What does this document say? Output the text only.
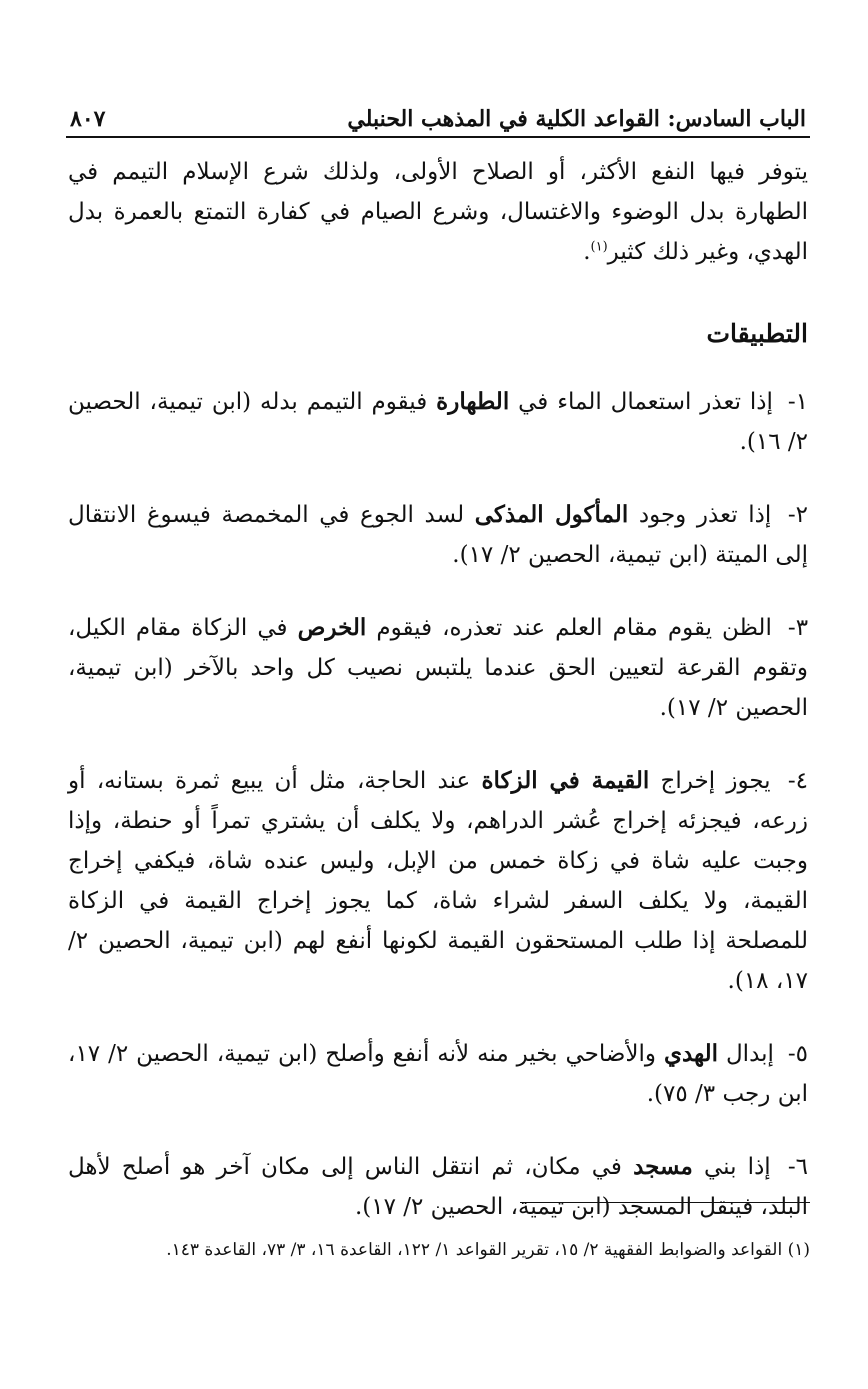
الباب السادس: القواعد الكلية في المذهب الحنبلي
٨٠٧

يتوفر فيها النفع الأكثر، أو الصلاح الأولى، ولذلك شرع الإسلام التيمم في الطهارة بدل الوضوء والاغتسال، وشرع الصيام في كفارة التمتع بالعمرة بدل الهدي، وغير ذلك كثير$^{(١)}$.

التطبيقات

١- إذا تعذر استعمال الماء في الطهارة فيقوم التيمم بدله (ابن تيمية، الحصين ٢/ ١٦).

٢- إذا تعذر وجود المأكول المذكى لسد الجوع في المخمصة فيسوغ الانتقال إلى الميتة (ابن تيمية، الحصين ٢/ ١٧).

٣- الظن يقوم مقام العلم عند تعذره، فيقوم الخرص في الزكاة مقام الكيل، وتقوم القرعة لتعيين الحق عندما يلتبس نصيب كل واحد بالآخر (ابن تيمية، الحصين ٢/ ١٧).

٤- يجوز إخراج القيمة في الزكاة عند الحاجة، مثل أن يبيع ثمرة بستانه، أو زرعه، فيجزئه إخراج عُشر الدراهم، ولا يكلف أن يشتري تمراً أو حنطة، وإذا وجبت عليه شاة في زكاة خمس من الإبل، وليس عنده شاة، فيكفي إخراج القيمة، ولا يكلف السفر لشراء شاة، كما يجوز إخراج القيمة في الزكاة للمصلحة إذا طلب المستحقون القيمة لكونها أنفع لهم (ابن تيمية، الحصين ٢/ ١٧، ١٨).

٥- إبدال الهدي والأضاحي بخير منه لأنه أنفع وأصلح (ابن تيمية، الحصين ٢/ ١٧، ابن رجب ٣/ ٧٥).

٦- إذا بني مسجد في مكان، ثم انتقل الناس إلى مكان آخر هو أصلح لأهل البلد، فينقل المسجد (ابن تيمية، الحصين ٢/ ١٧).

(١) القواعد والضوابط الفقهية ٢/ ١٥، تقرير القواعد ١/ ١٢٢، القاعدة ١٦، ٣/ ٧٣، القاعدة ١٤٣.
